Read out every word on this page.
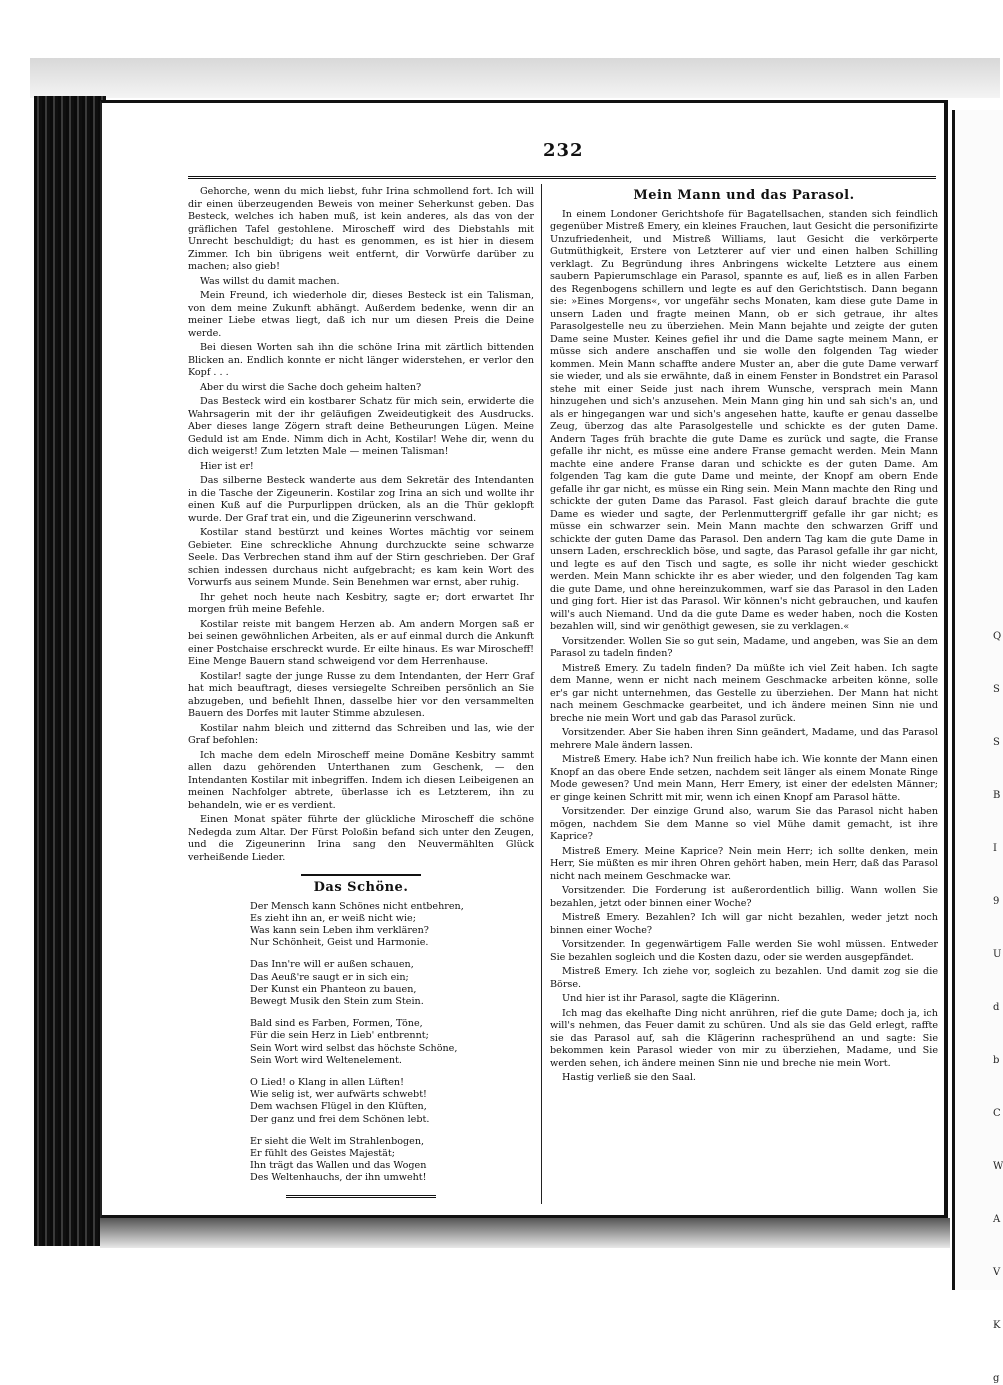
Q
S
S
B
I
9
U
d
b
C
W
A
V
K
g
232

Gehorche, wenn du mich liebst, fuhr Irina schmollend fort. Ich will dir einen überzeugenden Beweis von meiner Seherkunst geben. Das Besteck, welches ich haben muß, ist kein anderes, als das von der gräflichen Tafel gestohlene. Miroscheff wird des Diebstahls mit Unrecht beschuldigt; du hast es genommen, es ist hier in diesem Zimmer. Ich bin übrigens weit entfernt, dir Vorwürfe darüber zu machen; also gieb!

Was willst du damit machen.

Mein Freund, ich wiederhole dir, dieses Besteck ist ein Talisman, von dem meine Zukunft abhängt. Außerdem bedenke, wenn dir an meiner Liebe etwas liegt, daß ich nur um diesen Preis die Deine werde.

Bei diesen Worten sah ihn die schöne Irina mit zärtlich bittenden Blicken an. Endlich konnte er nicht länger widerstehen, er verlor den Kopf . . .

Aber du wirst die Sache doch geheim halten?

Das Besteck wird ein kostbarer Schatz für mich sein, erwiderte die Wahrsagerin mit der ihr geläufigen Zweideutigkeit des Ausdrucks. Aber dieses lange Zögern straft deine Betheurungen Lügen. Meine Geduld ist am Ende. Nimm dich in Acht, Kostilar! Wehe dir, wenn du dich weigerst! Zum letzten Male — meinen Talisman!

Hier ist er!

Das silberne Besteck wanderte aus dem Sekretär des Intendanten in die Tasche der Zigeunerin. Kostilar zog Irina an sich und wollte ihr einen Kuß auf die Purpurlippen drücken, als an die Thür geklopft wurde. Der Graf trat ein, und die Zigeunerinn verschwand.

Kostilar stand bestürzt und keines Wortes mächtig vor seinem Gebieter. Eine schreckliche Ahnung durchzuckte seine schwarze Seele. Das Verbrechen stand ihm auf der Stirn geschrieben. Der Graf schien indessen durchaus nicht aufgebracht; es kam kein Wort des Vorwurfs aus seinem Munde. Sein Benehmen war ernst, aber ruhig.

Ihr gehet noch heute nach Kesbitry, sagte er; dort erwartet Ihr morgen früh meine Befehle.

Kostilar reiste mit bangem Herzen ab. Am andern Morgen saß er bei seinen gewöhnlichen Arbeiten, als er auf einmal durch die Ankunft einer Postchaise erschreckt wurde. Er eilte hinaus. Es war Miroscheff! Eine Menge Bauern stand schweigend vor dem Herrenhause.

Kostilar! sagte der junge Russe zu dem Intendanten, der Herr Graf hat mich beauftragt, dieses versiegelte Schreiben persönlich an Sie abzugeben, und befiehlt Ihnen, dasselbe hier vor den versammelten Bauern des Dorfes mit lauter Stimme abzulesen.

Kostilar nahm bleich und zitternd das Schreiben und las, wie der Graf befohlen:

Ich mache dem edeln Miroscheff meine Domäne Kesbitry sammt allen dazu gehörenden Unterthanen zum Geschenk, — den Intendanten Kostilar mit inbegriffen. Indem ich diesen Leibeigenen an meinen Nachfolger abtrete, überlasse ich es Letzterem, ihn zu behandeln, wie er es verdient.

Einen Monat später führte der glückliche Miroscheff die schöne Nedegda zum Altar. Der Fürst Poloßin befand sich unter den Zeugen, und die Zigeunerinn Irina sang den Neuvermählten Glück verheißende Lieder.

Das Schöne.
Der Mensch kann Schönes nicht entbehren,
Es zieht ihn an, er weiß nicht wie;
Was kann sein Leben ihm verklären?
Nur Schönheit, Geist und Harmonie.
Das Inn're will er außen schauen,
Das Aeuß're saugt er in sich ein;
Der Kunst ein Phanteon zu bauen,
Bewegt Musik den Stein zum Stein.
Bald sind es Farben, Formen, Töne,
Für die sein Herz in Lieb' entbrennt;
Sein Wort wird selbst das höchste Schöne,
Sein Wort wird Weltenelement.
O Lied! o Klang in allen Lüften!
Wie selig ist, wer aufwärts schwebt!
Dem wachsen Flügel in den Klüften,
Der ganz und frei dem Schönen lebt.
Er sieht die Welt im Strahlenbogen,
Er fühlt des Geistes Majestät;
Ihn trägt das Wallen und das Wogen
Des Weltenhauchs, der ihn umweht!
Mein Mann und das Parasol.

In einem Londoner Gerichtshofe für Bagatellsachen, standen sich feindlich gegenüber Mistreß Emery, ein kleines Frauchen, laut Gesicht die personifizirte Unzufriedenheit, und Mistreß Williams, laut Gesicht die verkörperte Gutmüthigkeit, Erstere von Letzterer auf vier und einen halben Schilling verklagt. Zu Begründung ihres Anbringens wickelte Letztere aus einem saubern Papierumschlage ein Parasol, spannte es auf, ließ es in allen Farben des Regenbogens schillern und legte es auf den Gerichtstisch. Dann begann sie: »Eines Morgens«, vor ungefähr sechs Monaten, kam diese gute Dame in unsern Laden und fragte meinen Mann, ob er sich getraue, ihr altes Parasolgestelle neu zu überziehen. Mein Mann bejahte und zeigte der guten Dame seine Muster. Keines gefiel ihr und die Dame sagte meinem Mann, er müsse sich andere anschaffen und sie wolle den folgenden Tag wieder kommen. Mein Mann schaffte andere Muster an, aber die gute Dame verwarf sie wieder, und als sie erwähnte, daß in einem Fenster in Bondstret ein Parasol stehe mit einer Seide just nach ihrem Wunsche, versprach mein Mann hinzugehen und sich's anzusehen. Mein Mann ging hin und sah sich's an, und als er hingegangen war und sich's angesehen hatte, kaufte er genau dasselbe Zeug, überzog das alte Parasolgestelle und schickte es der guten Dame. Andern Tages früh brachte die gute Dame es zurück und sagte, die Franse gefalle ihr nicht, es müsse eine andere Franse gemacht werden. Mein Mann machte eine andere Franse daran und schickte es der guten Dame. Am folgenden Tag kam die gute Dame und meinte, der Knopf am obern Ende gefalle ihr gar nicht, es müsse ein Ring sein. Mein Mann machte den Ring und schickte der guten Dame das Parasol. Fast gleich darauf brachte die gute Dame es wieder und sagte, der Perlenmuttergriff gefalle ihr gar nicht; es müsse ein schwarzer sein. Mein Mann machte den schwarzen Griff und schickte der guten Dame das Parasol. Den andern Tag kam die gute Dame in unsern Laden, erschrecklich böse, und sagte, das Parasol gefalle ihr gar nicht, und legte es auf den Tisch und sagte, es solle ihr nicht wieder geschickt werden. Mein Mann schickte ihr es aber wieder, und den folgenden Tag kam die gute Dame, und ohne hereinzukommen, warf sie das Parasol in den Laden und ging fort. Hier ist das Parasol. Wir können's nicht gebrauchen, und kaufen will's auch Niemand. Und da die gute Dame es weder haben, noch die Kosten bezahlen will, sind wir genöthigt gewesen, sie zu verklagen.«

Vorsitzender. Wollen Sie so gut sein, Madame, und angeben, was Sie an dem Parasol zu tadeln finden?

Mistreß Emery. Zu tadeln finden? Da müßte ich viel Zeit haben. Ich sagte dem Manne, wenn er nicht nach meinem Geschmacke arbeiten könne, solle er's gar nicht unternehmen, das Gestelle zu überziehen. Der Mann hat nicht nach meinem Geschmacke gearbeitet, und ich ändere meinen Sinn nie und breche nie mein Wort und gab das Parasol zurück.

Vorsitzender. Aber Sie haben ihren Sinn geändert, Madame, und das Parasol mehrere Male ändern lassen.

Mistreß Emery. Habe ich? Nun freilich habe ich. Wie konnte der Mann einen Knopf an das obere Ende setzen, nachdem seit länger als einem Monate Ringe Mode gewesen? Und mein Mann, Herr Emery, ist einer der edelsten Männer; er ginge keinen Schritt mit mir, wenn ich einen Knopf am Parasol hätte.

Vorsitzender. Der einzige Grund also, warum Sie das Parasol nicht haben mögen, nachdem Sie dem Manne so viel Mühe damit gemacht, ist ihre Kaprice?

Mistreß Emery. Meine Kaprice? Nein mein Herr; ich sollte denken, mein Herr, Sie müßten es mir ihren Ohren gehört haben, mein Herr, daß das Parasol nicht nach meinem Geschmacke war.

Vorsitzender. Die Forderung ist außerordentlich billig. Wann wollen Sie bezahlen, jetzt oder binnen einer Woche?

Mistreß Emery. Bezahlen? Ich will gar nicht bezahlen, weder jetzt noch binnen einer Woche?

Vorsitzender. In gegenwärtigem Falle werden Sie wohl müssen. Entweder Sie bezahlen sogleich und die Kosten dazu, oder sie werden ausgepfändet.

Mistreß Emery. Ich ziehe vor, sogleich zu bezahlen. Und damit zog sie die Börse.

Und hier ist ihr Parasol, sagte die Klägerinn.

Ich mag das ekelhafte Ding nicht anrühren, rief die gute Dame; doch ja, ich will's nehmen, das Feuer damit zu schüren. Und als sie das Geld erlegt, raffte sie das Parasol auf, sah die Klägerinn rachesprühend an und sagte: Sie bekommen kein Parasol wieder von mir zu überziehen, Madame, und Sie werden sehen, ich ändere meinen Sinn nie und breche nie mein Wort.

Hastig verließ sie den Saal.
